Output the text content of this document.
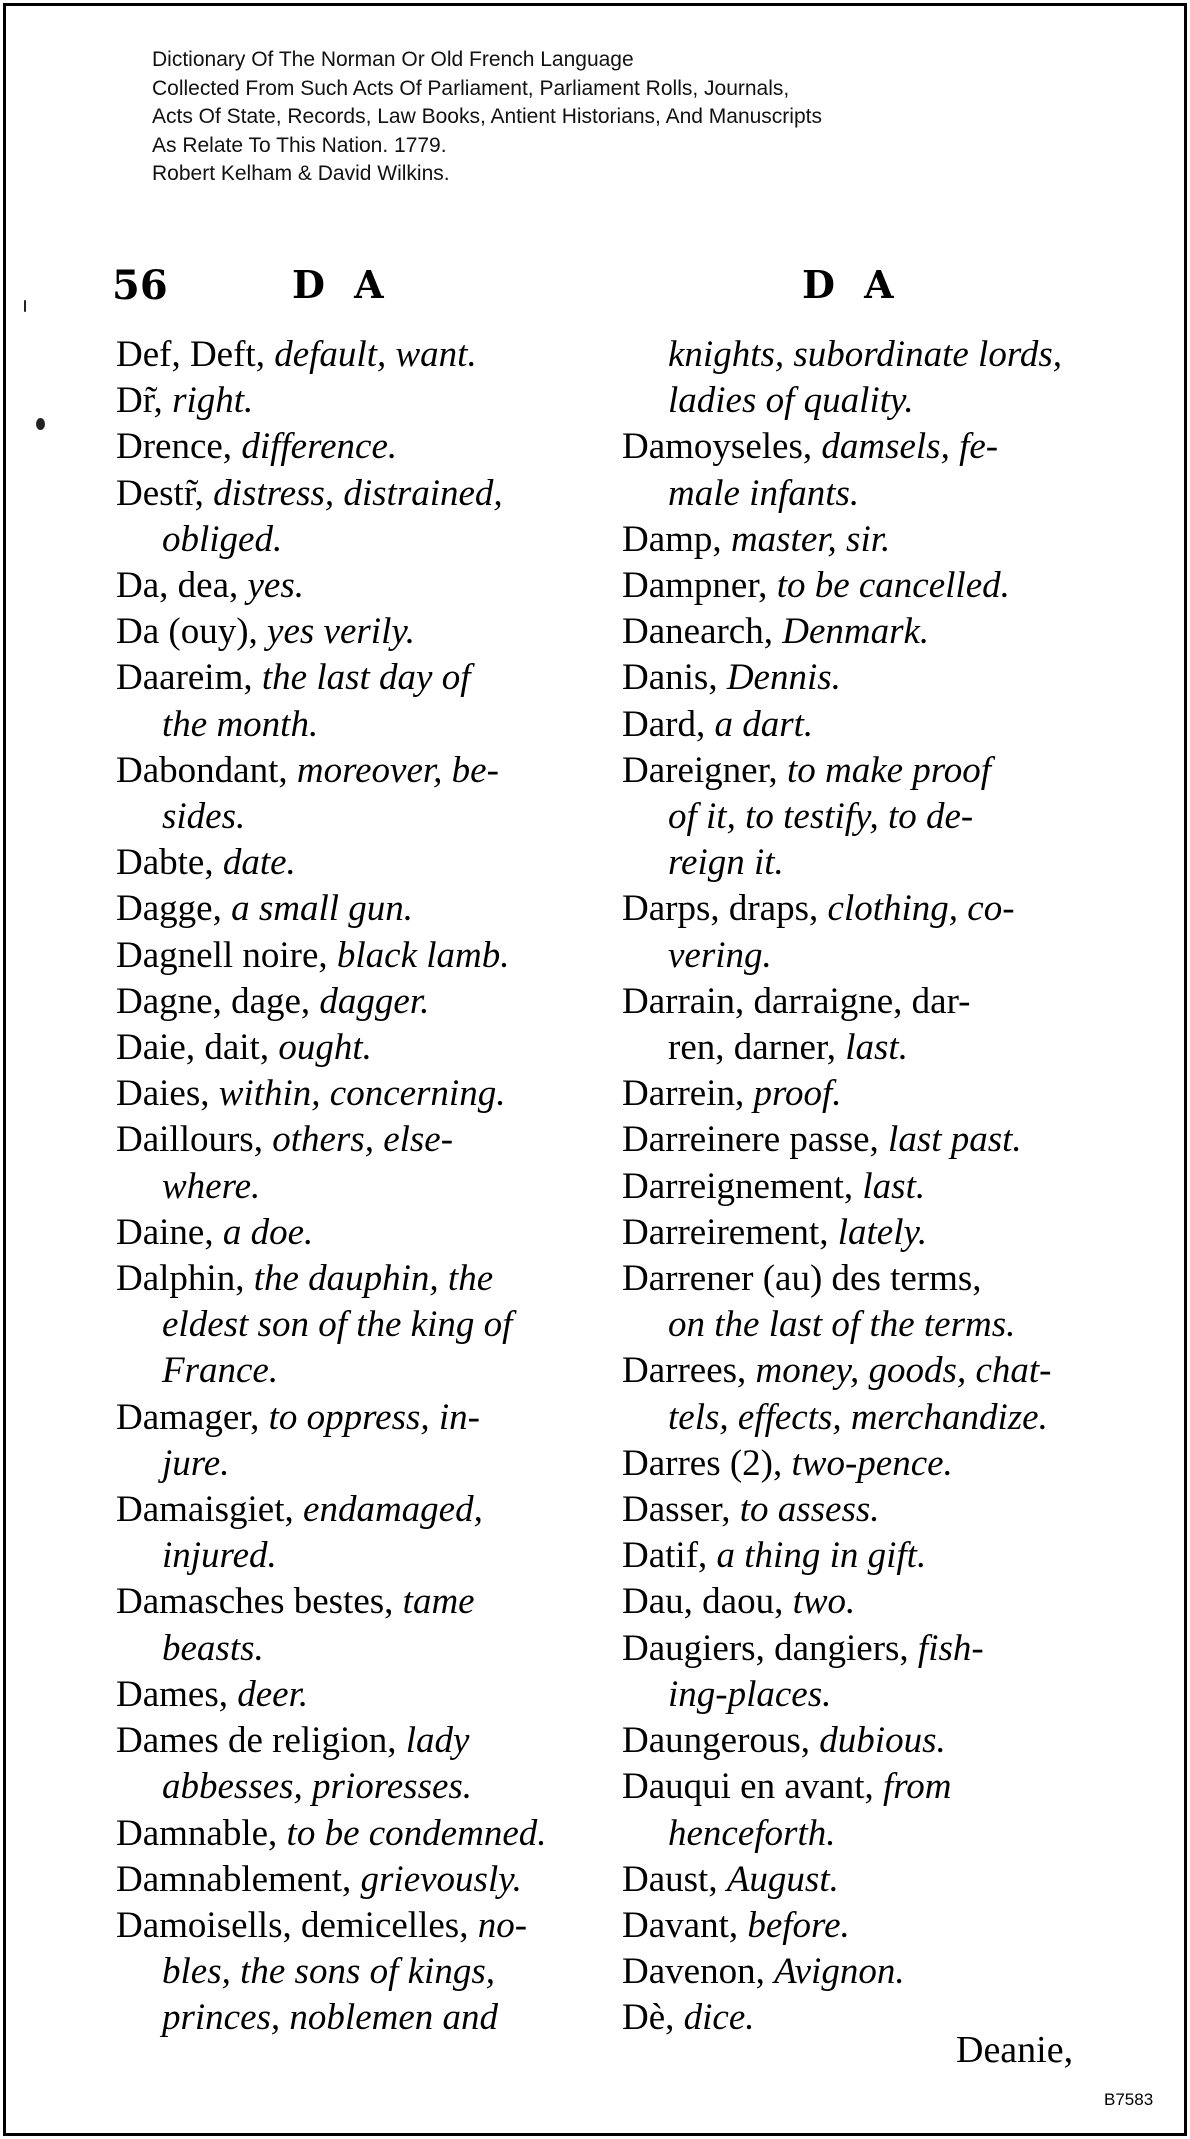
Dictionary Of The Norman Or Old French Language
Collected From Such Acts Of Parliament, Parliament Rolls, Journals,
Acts Of State, Records, Law Books, Antient Historians, And Manuscripts
As Relate To This Nation. 1779.
Robert Kelham & David Wilkins.
56	D A	D A
Def, Deft, default, want.
Dr̃, right.
Drence, difference.
Destr̃, distress, distrained,
obliged.
Da, dea, yes.
Da (ouy), yes verily.
Daareim, the last day of
the month.
Dabondant, moreover, be-
sides.
Dabte, date.
Dagge, a small gun.
Dagnell noire, black lamb.
Dagne, dage, dagger.
Daie, dait, ought.
Daies, within, concerning.
Daillours, others, else-
where.
Daine, a doe.
Dalphin, the dauphin, the
eldest son of the king of
France.
Damager, to oppress, in-
jure.
Damaisgiet, endamaged,
injured.
Damasches bestes, tame
beasts.
Dames, deer.
Dames de religion, lady
abbesses, prioresses.
Damnable, to be condemned.
Damnablement, grievously.
Damoisells, demicelles, no-
bles, the sons of kings,
princes, noblemen and
knights, subordinate lords,
ladies of quality.
Damoyseles, damsels, fe-
male infants.
Damp, master, sir.
Dampner, to be cancelled.
Danearch, Denmark.
Danis, Dennis.
Dard, a dart.
Dareigner, to make proof
of it, to testify, to de-
reign it.
Darps, draps, clothing, co-
vering.
Darrain, darraigne, dar-
ren, darner, last.
Darrein, proof.
Darreinere passe, last past.
Darreignement, last.
Darreirement, lately.
Darrener (au) des terms,
on the last of the terms.
Darrees, money, goods, chat-
tels, effects, merchandize.
Darres (2), two-pence.
Dasser, to assess.
Datif, a thing in gift.
Dau, daou, two.
Daugiers, dangiers, fish-
ing-places.
Daungerous, dubious.
Dauqui en avant, from
henceforth.
Daust, August.
Davant, before.
Davenon, Avignon.
Dè, dice.
Deanie,
B7583
